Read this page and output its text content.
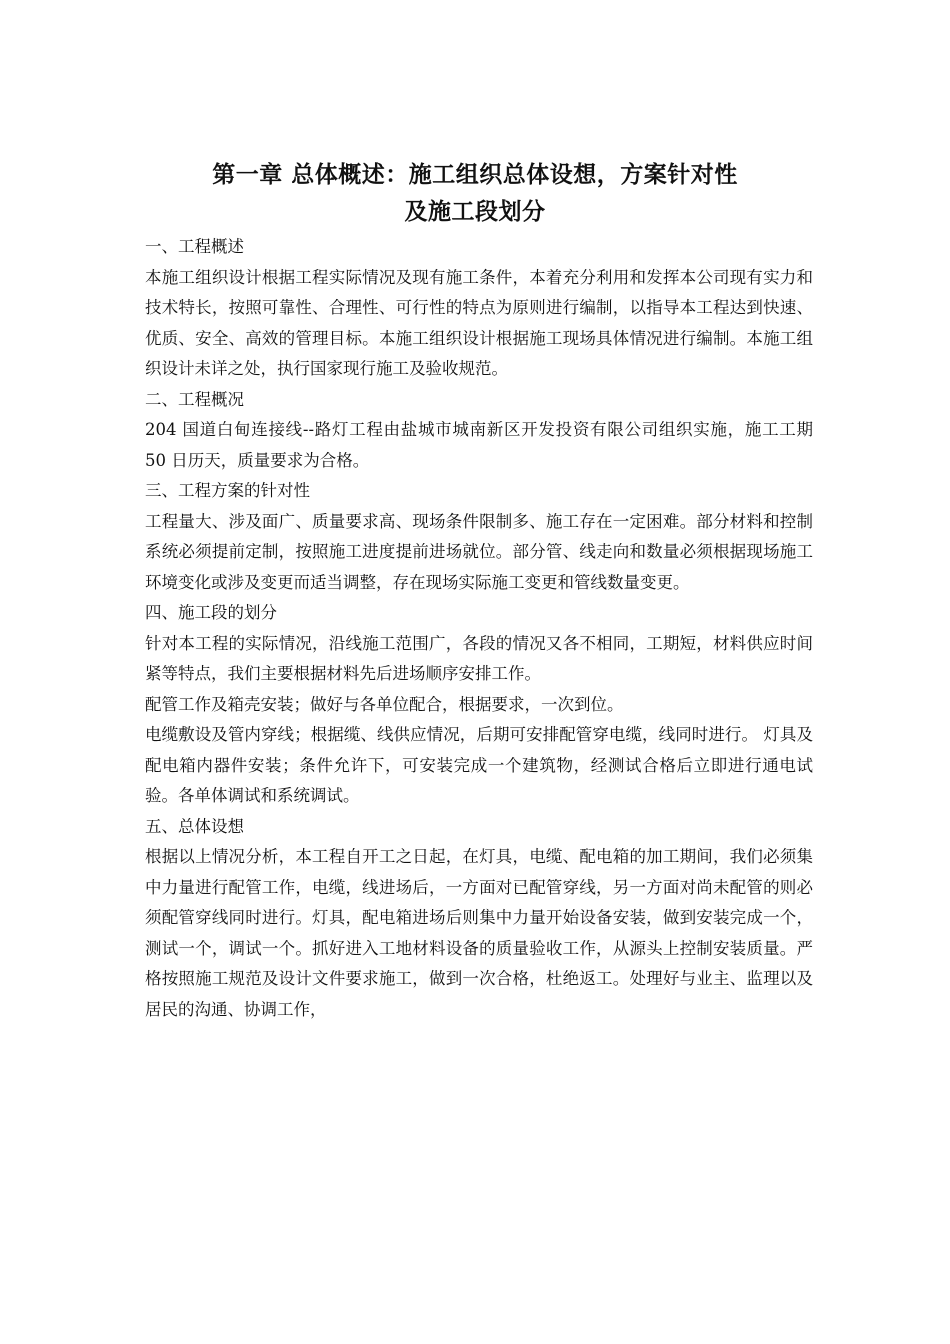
第一章 总体概述：施工组织总体设想，方案针对性
及施工段划分

一、工程概述

本施工组织设计根据工程实际情况及现有施工条件，本着充分利用和发挥本公司现有实力和技术特长，按照可靠性、合理性、可行性的特点为原则进行编制，以指导本工程达到快速、优质、安全、高效的管理目标。本施工组织设计根据施工现场具体情况进行编制。本施工组织设计未详之处，执行国家现行施工及验收规范。

二、工程概况

204 国道白甸连接线--路灯工程由盐城市城南新区开发投资有限公司组织实施，施工工期 50 日历天，质量要求为合格。

三、工程方案的针对性

工程量大、涉及面广、质量要求高、现场条件限制多、施工存在一定困难。部分材料和控制系统必须提前定制，按照施工进度提前进场就位。部分管、线走向和数量必须根据现场施工环境变化或涉及变更而适当调整，存在现场实际施工变更和管线数量变更。

四、施工段的划分

针对本工程的实际情况，沿线施工范围广，各段的情况又各不相同，工期短，材料供应时间紧等特点，我们主要根据材料先后进场顺序安排工作。

配管工作及箱壳安装；做好与各单位配合，根据要求，一次到位。

电缆敷设及管内穿线；根据缆、线供应情况，后期可安排配管穿电缆，线同时进行。 灯具及配电箱内器件安装；条件允许下，可安装完成一个建筑物，经测试合格后立即进行通电试验。各单体调试和系统调试。

五、总体设想

根据以上情况分析，本工程自开工之日起，在灯具，电缆、配电箱的加工期间，我们必须集中力量进行配管工作，电缆，线进场后，一方面对已配管穿线，另一方面对尚未配管的则必须配管穿线同时进行。灯具，配电箱进场后则集中力量开始设备安装，做到安装完成一个，测试一个，调试一个。抓好进入工地材料设备的质量验收工作，从源头上控制安装质量。严格按照施工规范及设计文件要求施工，做到一次合格，杜绝返工。处理好与业主、监理以及居民的沟通、协调工作，
